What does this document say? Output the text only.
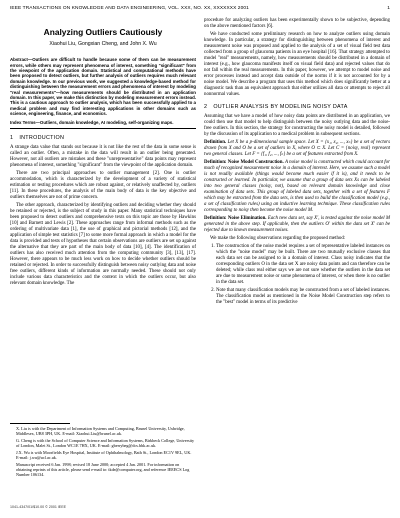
IEEE TRANSACTIONS ON KNOWLEDGE AND DATA ENGINEERING, VOL. XXX, NO. XX, XXXXXXX 2001	1
Analyzing Outliers Cautiously
Xiaohui Liu, Gongxian Cheng, and John X. Wu

Abstract—Outliers are difficult to handle because some of them can be measurement errors, while others may represent phenomena of interest, something "significant" from the viewpoint of the application domain. Statistical and computational methods have been proposed to detect outliers, but further analysis of outliers requires much relevant domain knowledge. In our previous work, we suggested a knowledge-based method for distinguishing between the measurement errors and phenomena of interest by modeling "real measurements"—how measurements should be distributed in an application domain. In this paper, we make this distinction by modeling measurement errors instead. This is a cautious approach to outlier analysis, which has been successfully applied to a medical problem and may find interesting applications in other domains such as science, engineering, finance, and economics.

Index Terms—Outliers, domain knowledge, AI modeling, self-organizing maps.

1 INTRODUCTION

A strange data value that stands out because it is not like the rest of the data in some sense is called an outlier. Often, a mistake in the data will result in an outlier being generated. However, not all outliers are mistakes and these "unrepresentative" data points may represent phenomena of interest, something "significant" from the viewpoint of the application domain.

There are two principal approaches to outlier management [2]. One is outlier accommodation, which is characterized by the development of a variety of statistical estimation or testing procedures which are robust against, or relatively unaffected by, outliers [11]. In these procedures, the analysis of the main body of data is the key objective and outliers themselves are not of prime concern.

The other approach, characterized by identifying outliers and deciding whether they should be retained or rejected, is the subject of study in this paper. Many statistical techniques have been proposed to detect outliers and comprehensive texts on this topic are those by Hawkins [10] and Barnett and Lewis [2]. These approaches range from informal methods such as the ordering of multivariate data [1], the use of graphical and pictorial methods [12], and the application of simple test statistics [7] to some more formal approach in which a model for the data is provided and tests of hypotheses that certain observations are outliers are set up against the alternative that they are part of the main body of data [10], [4]. The identification of outliers has also received much attention from the computing community [3], [13], [17]. However, there appears to be much less work on how to decide whether outliers should be retained or rejected. In order to successfully distinguish between noisy outlying data and noise free outliers, different kinds of information are normally needed. These should not only include various data characteristics and the context in which the outliers occur, but also relevant domain knowledge. The

X. Liu is with the Department of Information Systems and Computing, Brunel University, Uxbridge, Middlesex, UB8 3PH, UK. E-mail: Xiaohui.Liu@brunel.ac.uk.
G. Cheng is with the School of Computer Science and Information Systems, Birkbeck College, University of London, Malet St., London WC1E 7HX, UK. E-mail: gberrybeg@dcs.bbk.ac.uk.
J.X. Wu is with Moorfields Eye Hospital, Institute of Ophthalmology, Bath St., London EC1V 9EL, UK. E-mail: j.wu@ucl.ac.uk.
Manuscript received 6 Jan. 1998; revised 18 June 2000; accepted 4 Jan. 2001. For information on obtaining reprints of this article, please send e-mail to: tkde@computer.org, and reference IEEECS Log Number 106134.

procedure for analyzing outliers has been experimentally shown to be subjective, depending on the above mentioned factors [6].

We have conducted some preliminary research on how to analyze outliers using domain knowledge. In particular, a strategy for distinguishing between phenomena of interest and measurement noise was proposed and applied to the analysis of a set of visual field test data collected from a group of glaucoma patients in an eye hospital [16]. That strategy attempted to model "real" measurements, namely, how measurements should be distributed in a domain of interest (e.g., how glaucoma manifests itself on visual field data) and rejected values that do not fall within the real measurements. In this paper, however, we attempt to model noise and error processes instead and accept data outside of the norms if it is not accounted for by a noise model. We describe a program that uses this method which does significantly better at a diagnostic task than an equivalent approach that either utilizes all data or attempts to reject all nonnormal values.

2 OUTLIER ANALYSIS BY MODELING NOISY DATA

Assuming that we have a model of how noisy data points are distributed in an application, we could then use that model to help distinguish between the noisy outlying data and the noise-free outliers. In this section, the strategy for constructing the noisy model is detailed, followed by the discussion of its application to a medical problem in subsequent sections.

Definition. Let X be a p-dimensional sample space. Let X = {x₁, x₂, ..., xₙ} be a set of vectors drawn from X and O be a set of outliers in X, where O ⊂ X. Let C = {noisy, real} represent two general classes. Let F = {f₁, f₂, ..., fₙ} be a set of features extracted from X.

Definition: Noise Model Construction. A noise model is constructed which could account for much of recognized measurement noise in a domain of interest. Here, we assume such a model is not readily available (things would become much easier if it is), and it needs to be constructed or learned. In particular, we assume that a group of data sets Xs can be labeled into two general classes (noisy, not), based on relevant domain knowledge and close examination of data sets. This group of labeled data sets, together with a set of features F which may be extracted from the data sets, is then used to build the classification model (e.g., a set of classification rules) using an inductive learning technique. These classification rules corresponding to noisy then become the noise model M.

Definition: Noise Elimination. Each new data set, say X', is tested against the noise model M generated in the above step. If applicable, then the outliers O' within the data set X' can be rejected due to known measurement noises.

We make the following observations regarding the proposed method:

1. The construction of the noise model requires a set of representative labeled instances on which the "noise model" may be built. There are two mutually exclusive classes that each data set can be assigned to in a domain of interest. Class noisy indicates that the corresponding outliers O in the data set X are noisy data points and can therefore can be deleted; while class real either says we are not sure whether the outliers in the data set are due to measurement noise or some phenomena of interest, or when there is no outlier in the data set.
2. Note that many classification models may be constructed from a set of labeled instances. The classification model as mentioned in the Noise Model Construction step refers to the "best" model in terms of its predictive
1041-4347/01/$10.00 © 2001 IEEE
